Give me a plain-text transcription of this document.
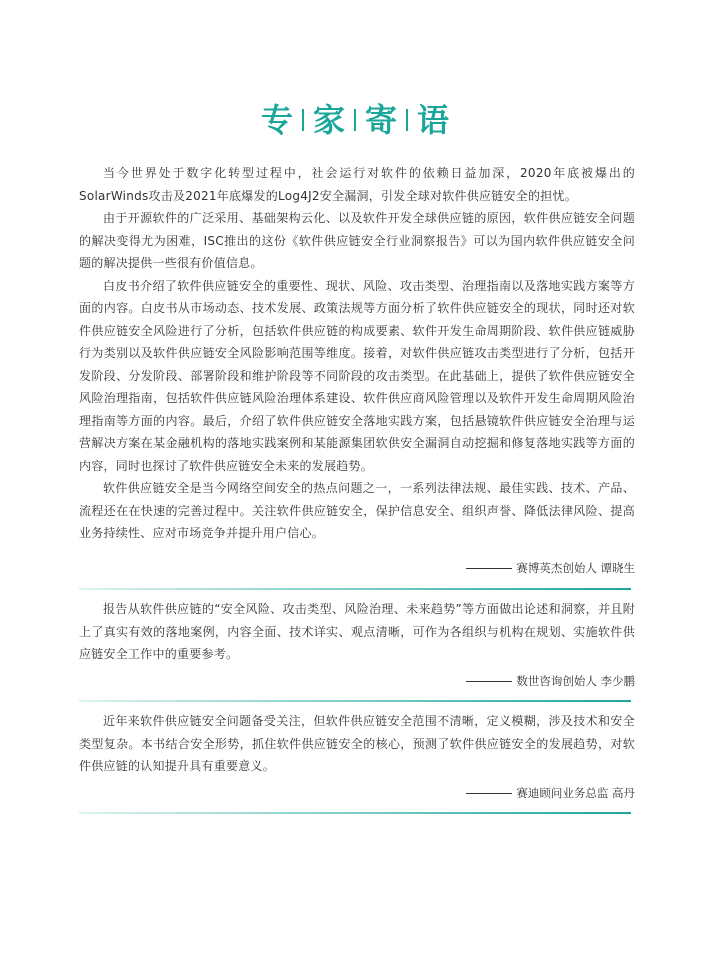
专 家 寄 语

当今世界处于数字化转型过程中，社会运行对软件的依赖日益加深，2020年底被爆出的SolarWinds攻击及2021年底爆发的Log4J2安全漏洞，引发全球对软件供应链安全的担忧。

由于开源软件的广泛采用、基础架构云化、以及软件开发全球供应链的原因，软件供应链安全问题的解决变得尤为困难，ISC推出的这份《软件供应链安全行业洞察报告》可以为国内软件供应链安全问题的解决提供一些很有价值信息。

白皮书介绍了软件供应链安全的重要性、现状、风险、攻击类型、治理指南以及落地实践方案等方面的内容。白皮书从市场动态、技术发展、政策法规等方面分析了软件供应链安全的现状，同时还对软件供应链安全风险进行了分析，包括软件供应链的构成要素、软件开发生命周期阶段、软件供应链威胁行为类别以及软件供应链安全风险影响范围等维度。接着，对软件供应链攻击类型进行了分析，包括开发阶段、分发阶段、部署阶段和维护阶段等不同阶段的攻击类型。在此基础上，提供了软件供应链安全风险治理指南，包括软件供应链风险治理体系建设、软件供应商风险管理以及软件开发生命周期风险治理指南等方面的内容。最后，介绍了软件供应链安全落地实践方案，包括悬镜软件供应链安全治理与运营解决方案在某金融机构的落地实践案例和某能源集团软供安全漏洞自动挖掘和修复落地实践等方面的内容，同时也探讨了软件供应链安全未来的发展趋势。

软件供应链安全是当今网络空间安全的热点问题之一，一系列法律法规、最佳实践、技术、产品、流程还在在快速的完善过程中。关注软件供应链安全，保护信息安全、组织声誉、降低法律风险、提高业务持续性、应对市场竞争并提升用户信心。

赛博英杰创始人 谭晓生

报告从软件供应链的“安全风险、攻击类型、风险治理、未来趋势”等方面做出论述和洞察，并且附上了真实有效的落地案例，内容全面、技术详实、观点清晰，可作为各组织与机构在规划、实施软件供应链安全工作中的重要参考。

数世咨询创始人 李少鹏

近年来软件供应链安全问题备受关注，但软件供应链安全范围不清晰，定义模糊，涉及技术和安全类型复杂。本书结合安全形势，抓住软件供应链安全的核心，预测了软件供应链安全的发展趋势，对软件供应链的认知提升具有重要意义。

赛迪顾问业务总监 高丹
